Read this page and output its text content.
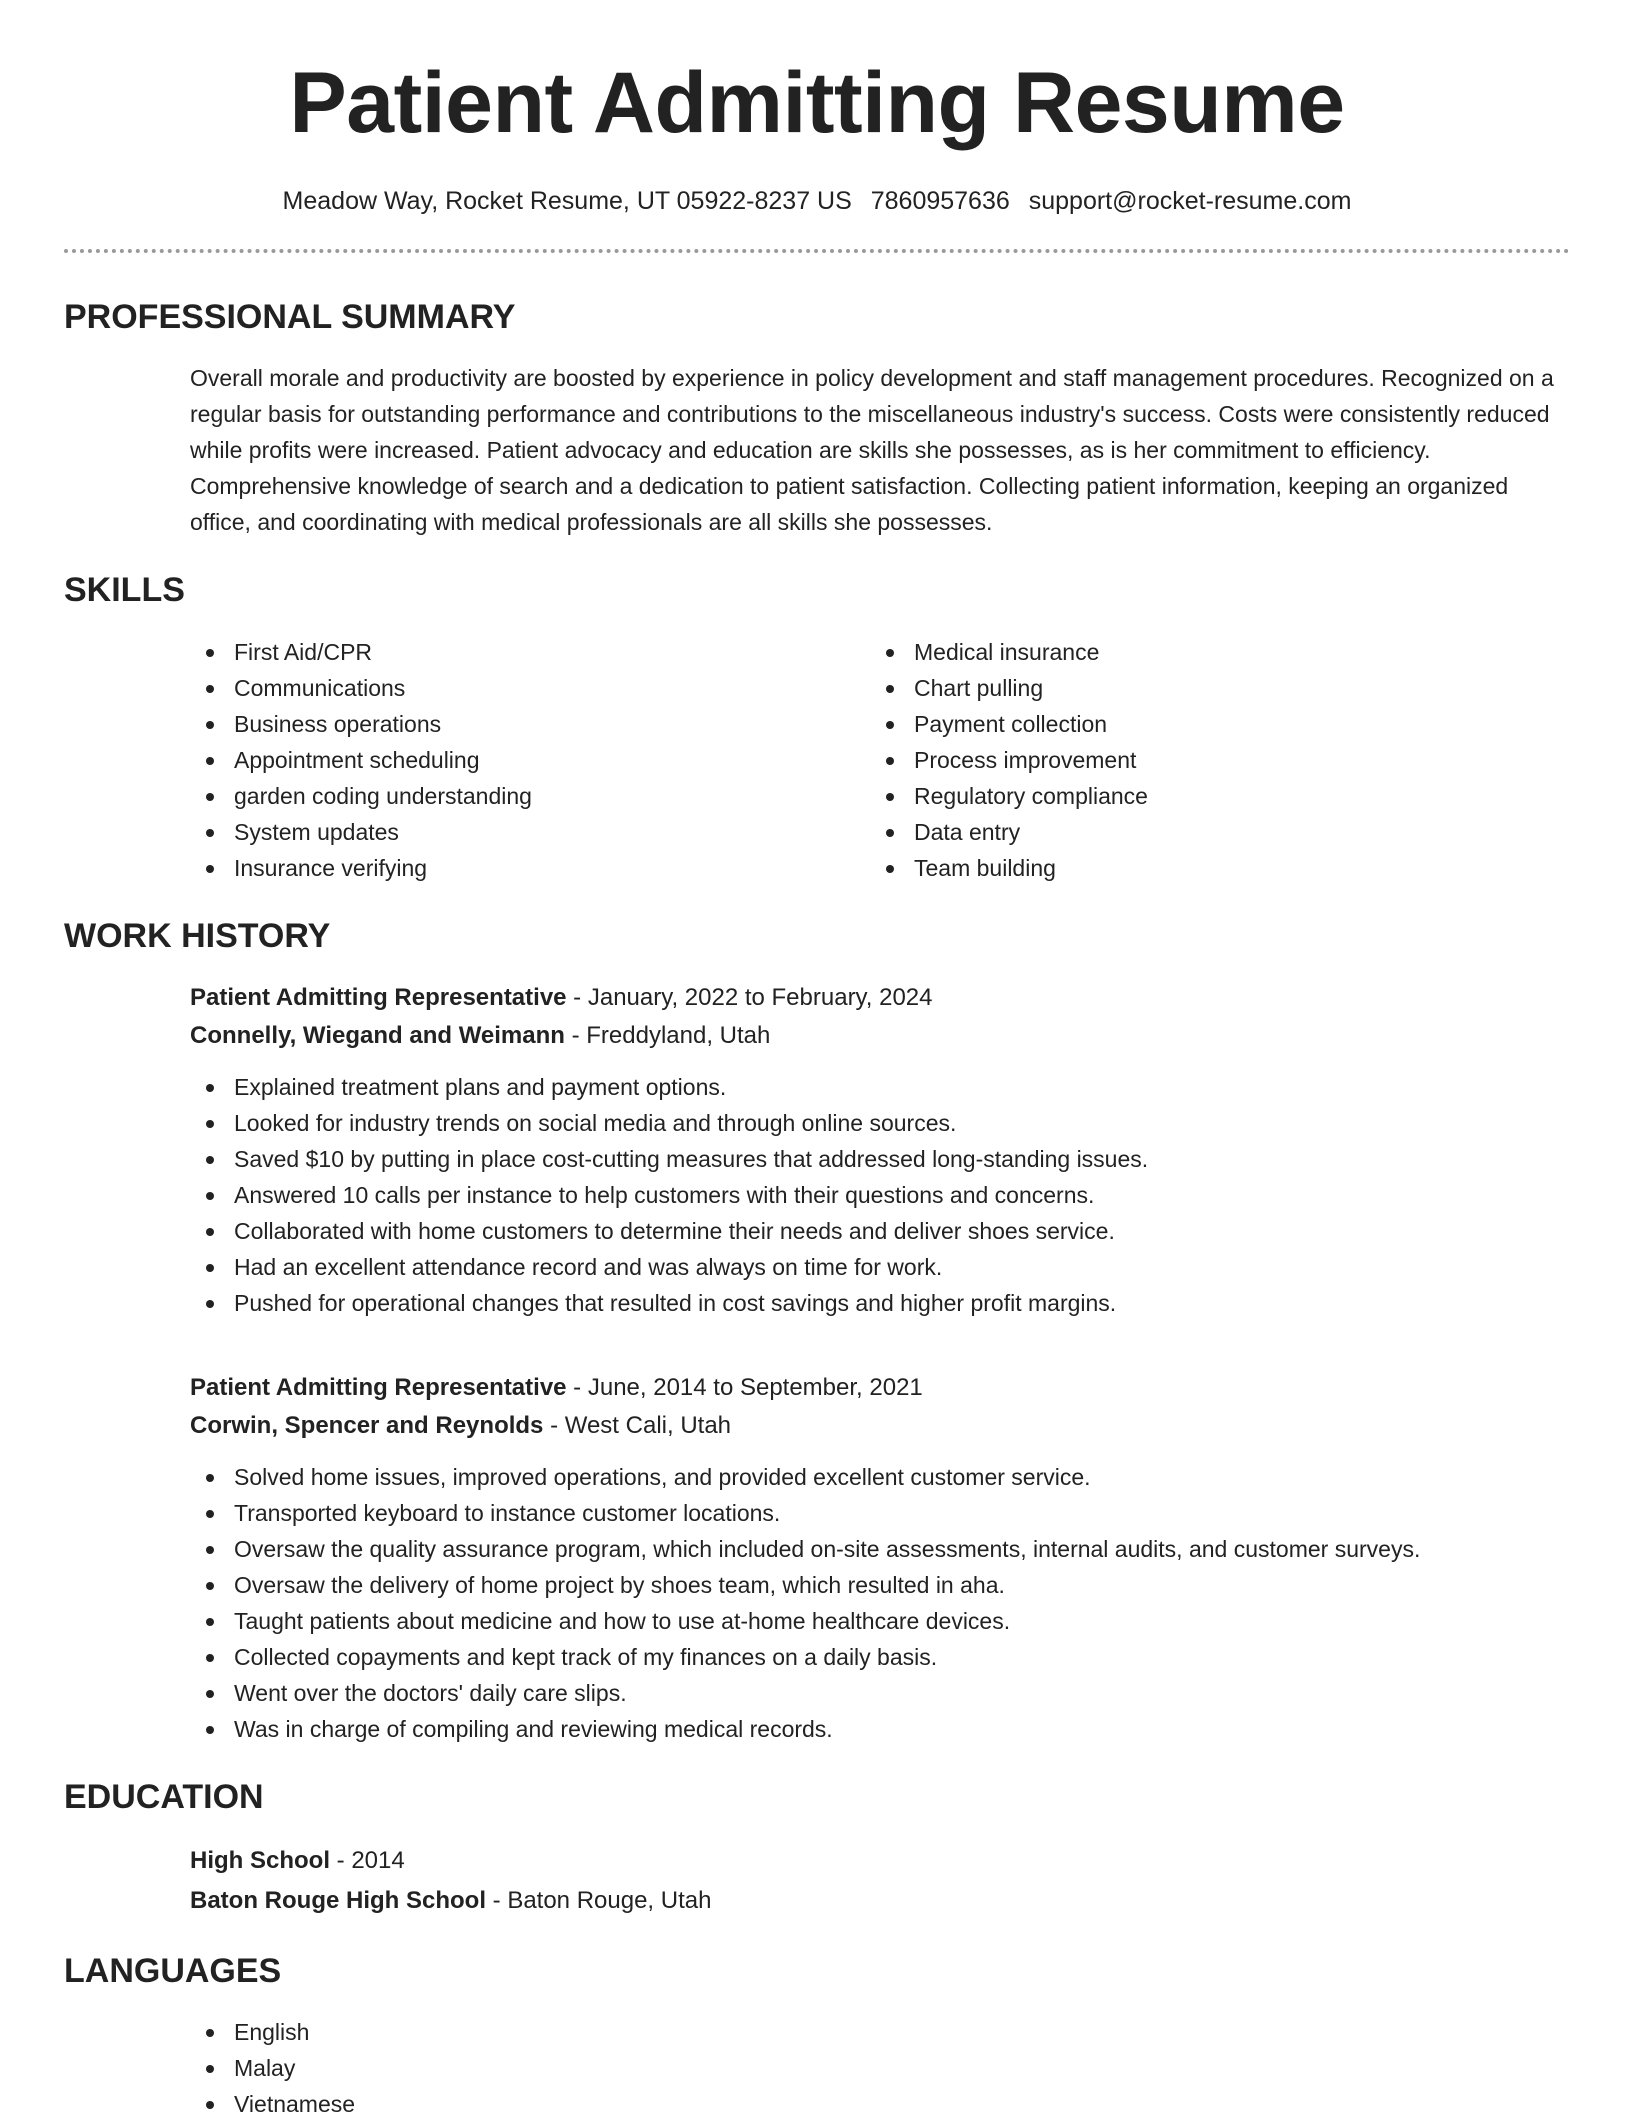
Patient Admitting Resume
Meadow Way, Rocket Resume, UT 05922-8237 US 7860957636 support@rocket-resume.com
PROFESSIONAL SUMMARY

Overall morale and productivity are boosted by experience in policy development and staff management procedures. Recognized on a regular basis for outstanding performance and contributions to the miscellaneous industry's success. Costs were consistently reduced while profits were increased. Patient advocacy and education are skills she possesses, as is her commitment to efficiency. Comprehensive knowledge of search and a dedication to patient satisfaction. Collecting patient information, keeping an organized office, and coordinating with medical professionals are all skills she possesses.

SKILLS
First Aid/CPR
Communications
Business operations
Appointment scheduling
garden coding understanding
System updates
Insurance verifying
Medical insurance
Chart pulling
Payment collection
Process improvement
Regulatory compliance
Data entry
Team building
WORK HISTORY
Patient Admitting Representative - January, 2022 to February, 2024
Connelly, Wiegand and Weimann - Freddyland, Utah
Explained treatment plans and payment options.
Looked for industry trends on social media and through online sources.
Saved $10 by putting in place cost-cutting measures that addressed long-standing issues.
Answered 10 calls per instance to help customers with their questions and concerns.
Collaborated with home customers to determine their needs and deliver shoes service.
Had an excellent attendance record and was always on time for work.
Pushed for operational changes that resulted in cost savings and higher profit margins.
Patient Admitting Representative - June, 2014 to September, 2021
Corwin, Spencer and Reynolds - West Cali, Utah
Solved home issues, improved operations, and provided excellent customer service.
Transported keyboard to instance customer locations.
Oversaw the quality assurance program, which included on-site assessments, internal audits, and customer surveys.
Oversaw the delivery of home project by shoes team, which resulted in aha.
Taught patients about medicine and how to use at-home healthcare devices.
Collected copayments and kept track of my finances on a daily basis.
Went over the doctors' daily care slips.
Was in charge of compiling and reviewing medical records.
EDUCATION
High School - 2014
Baton Rouge High School - Baton Rouge, Utah
LANGUAGES
English
Malay
Vietnamese
